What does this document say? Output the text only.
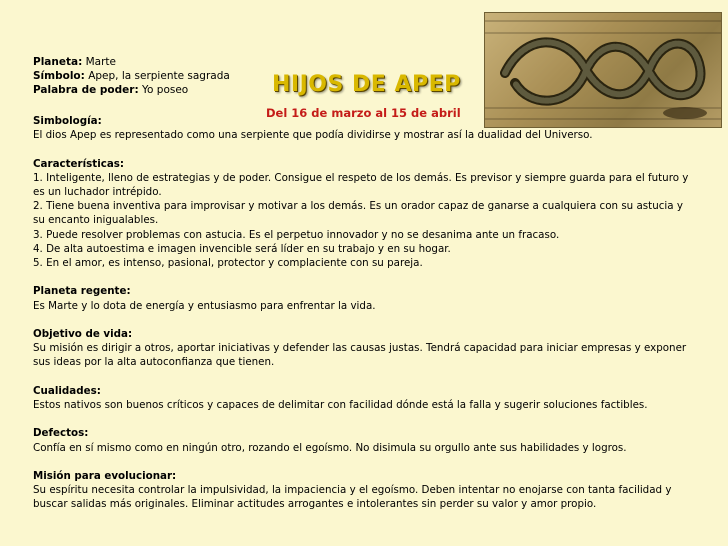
Planeta: Marte
Símbolo: Apep, la serpiente sagrada
Palabra de poder: Yo poseo	HIJOS DE APEP
Del 16 de marzo al 15 de abril
Simbología:
El dios Apep es representado como una serpiente que podía dividirse y mostrar así la dualidad del Universo.
Características:
1. Inteligente, lleno de estrategias y de poder. Consigue el respeto de los demás. Es previsor y siempre guarda para el futuro y es un luchador intrépido.
2. Tiene buena inventiva para improvisar y motivar a los demás. Es un orador capaz de ganarse a cualquiera con su astucia y su encanto inigualables.
3. Puede resolver problemas con astucia. Es el perpetuo innovador y no se desanima ante un fracaso.
4. De alta autoestima e imagen invencible será líder en su trabajo y en su hogar.
5. En el amor, es intenso, pasional, protector y complaciente con su pareja.
Planeta regente:
Es Marte y lo dota de energía y entusiasmo para enfrentar la vida.
Objetivo de vida:
Su misión es dirigir a otros, aportar iniciativas y defender las causas justas. Tendrá capacidad para iniciar empresas y exponer sus ideas por la alta autoconfianza que tienen.
Cualidades:
Estos nativos son buenos críticos y capaces de delimitar con facilidad dónde está la falla y sugerir soluciones factibles.
Defectos:
Confía en sí mismo como en ningún otro, rozando el egoísmo. No disimula su orgullo ante sus habilidades y logros.
Misión para evolucionar:
Su espíritu necesita controlar la impulsividad, la impaciencia y el egoísmo. Deben intentar no enojarse con tanta facilidad y buscar salidas más originales. Eliminar actitudes arrogantes e intolerantes sin perder su valor y amor propio.
